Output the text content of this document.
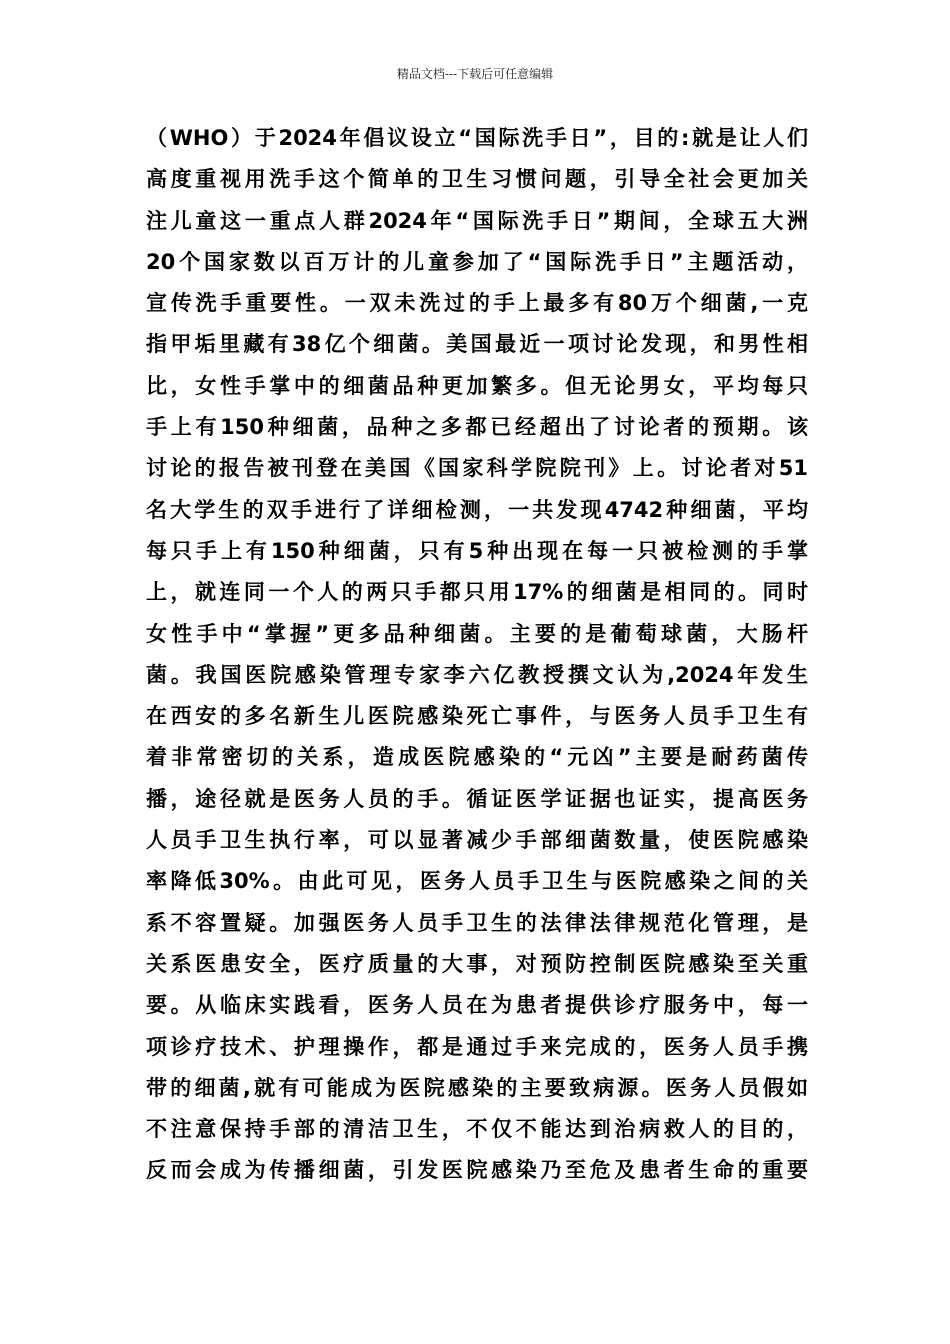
精品文档---下载后可任意编辑
（WHO）于2024年倡议设立“国际洗手日”，目的:就是让人们
高度重视用洗手这个简单的卫生习惯问题，引导全社会更加关
注儿童这一重点人群2024年“国际洗手日”期间，全球五大洲
20个国家数以百万计的儿童参加了“国际洗手日”主题活动，
宣传洗手重要性。一双未洗过的手上最多有80万个细菌,一克
指甲垢里藏有38亿个细菌。美国最近一项讨论发现，和男性相
比，女性手掌中的细菌品种更加繁多。但无论男女，平均每只
手上有150种细菌，品种之多都已经超出了讨论者的预期。该
讨论的报告被刊登在美国《国家科学院院刊》上。讨论者对51
名大学生的双手进行了详细检测，一共发现4742种细菌，平均
每只手上有150种细菌，只有5种出现在每一只被检测的手掌
上，就连同一个人的两只手都只用17%的细菌是相同的。同时
女性手中“掌握”更多品种细菌。主要的是葡萄球菌，大肠杆
菌。我国医院感染管理专家李六亿教授撰文认为,2024年发生
在西安的多名新生儿医院感染死亡事件，与医务人员手卫生有
着非常密切的关系，造成医院感染的“元凶”主要是耐药菌传
播，途径就是医务人员的手。循证医学证据也证实，提高医务
人员手卫生执行率，可以显著减少手部细菌数量，使医院感染
率降低30%。由此可见，医务人员手卫生与医院感染之间的关
系不容置疑。加强医务人员手卫生的法律法律规范化管理，是
关系医患安全，医疗质量的大事，对预防控制医院感染至关重
要。从临床实践看，医务人员在为患者提供诊疗服务中，每一
项诊疗技术、护理操作，都是通过手来完成的，医务人员手携
带的细菌,就有可能成为医院感染的主要致病源。医务人员假如
不注意保持手部的清洁卫生，不仅不能达到治病救人的目的，
反而会成为传播细菌，引发医院感染乃至危及患者生命的重要
